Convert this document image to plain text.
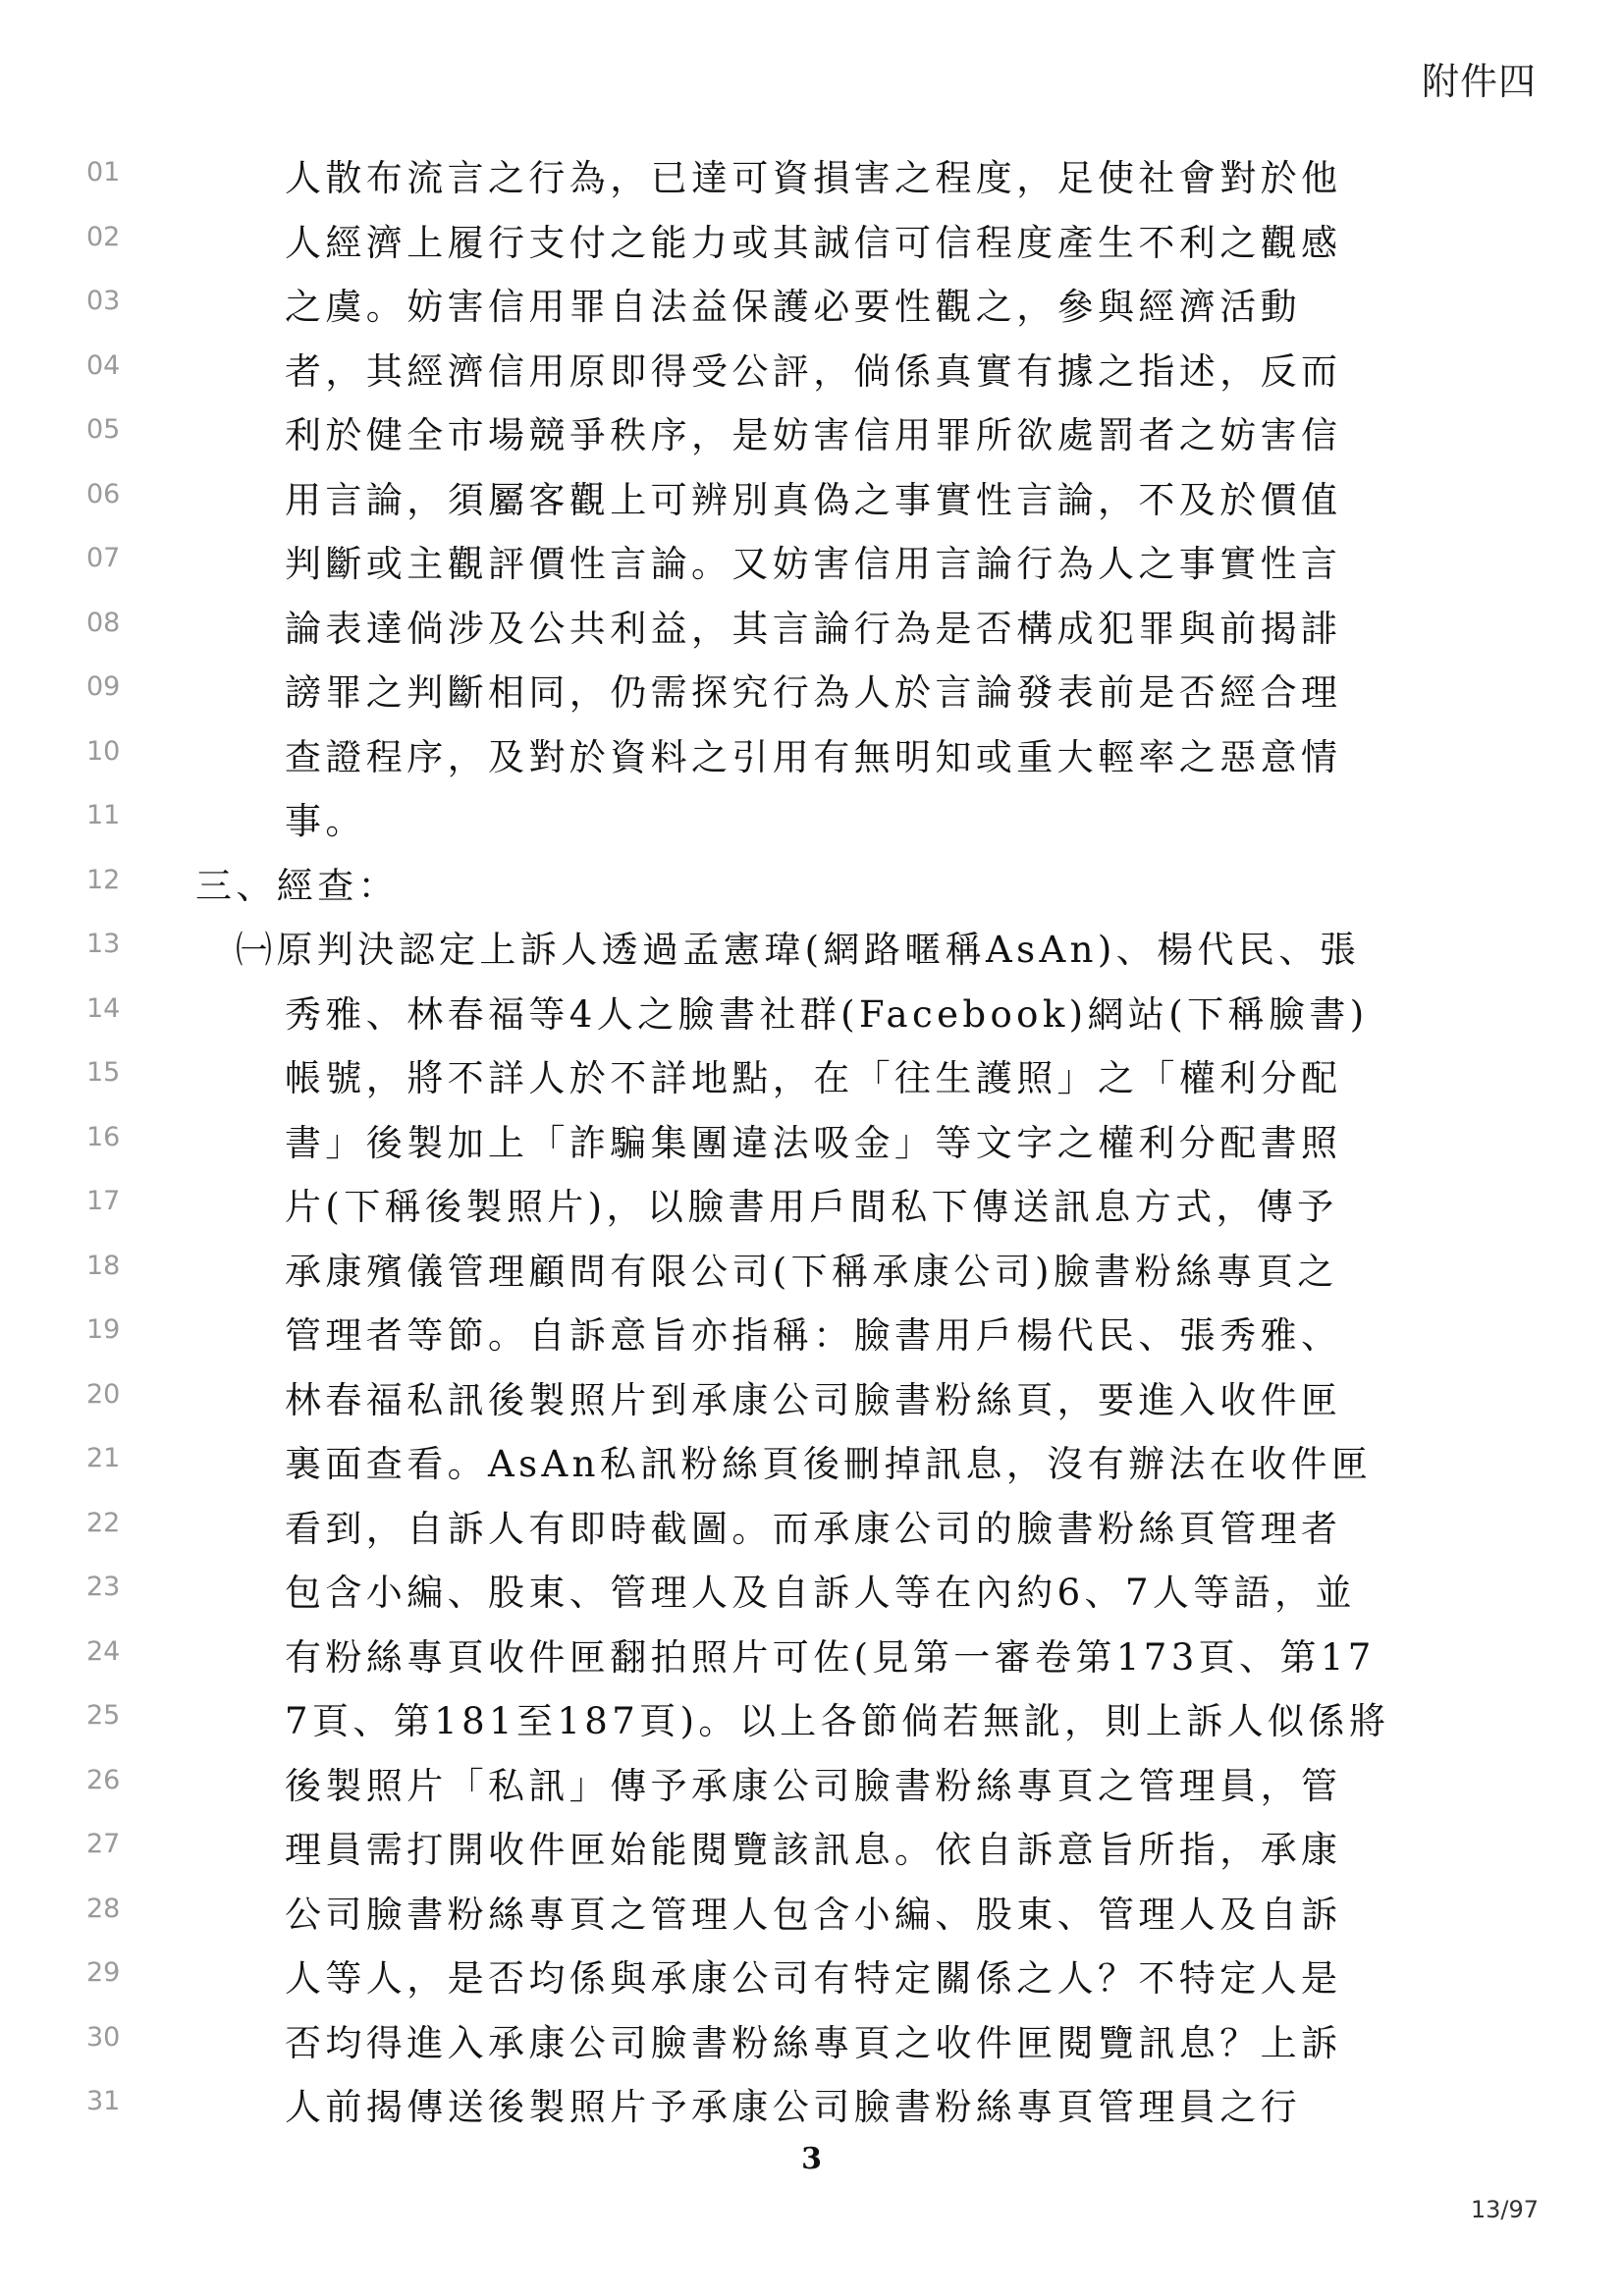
附件四
01	人散布流言之行為，已達可資損害之程度，足使社會對於他
02	人經濟上履行支付之能力或其誠信可信程度產生不利之觀感
03	之虞。妨害信用罪自法益保護必要性觀之，參與經濟活動
04	者，其經濟信用原即得受公評，倘係真實有據之指述，反而
05	利於健全市場競爭秩序，是妨害信用罪所欲處罰者之妨害信
06	用言論，須屬客觀上可辨別真偽之事實性言論，不及於價值
07	判斷或主觀評價性言論。又妨害信用言論行為人之事實性言
08	論表達倘涉及公共利益，其言論行為是否構成犯罪與前揭誹
09	謗罪之判斷相同，仍需探究行為人於言論發表前是否經合理
10	查證程序，及對於資料之引用有無明知或重大輕率之惡意情
11	事。
12	三、經查：
13	㈠原判決認定上訴人透過孟憲瑋(網路暱稱AsAn)、楊代民、張
14	秀雅、林春福等4人之臉書社群(Facebook)網站(下稱臉書)
15	帳號，將不詳人於不詳地點，在「往生護照」之「權利分配
16	書」後製加上「詐騙集團違法吸金」等文字之權利分配書照
17	片(下稱後製照片)，以臉書用戶間私下傳送訊息方式，傳予
18	承康殯儀管理顧問有限公司(下稱承康公司)臉書粉絲專頁之
19	管理者等節。自訴意旨亦指稱：臉書用戶楊代民、張秀雅、
20	林春福私訊後製照片到承康公司臉書粉絲頁，要進入收件匣
21	裏面查看。AsAn私訊粉絲頁後刪掉訊息，沒有辦法在收件匣
22	看到，自訴人有即時截圖。而承康公司的臉書粉絲頁管理者
23	包含小編、股東、管理人及自訴人等在內約6、7人等語，並
24	有粉絲專頁收件匣翻拍照片可佐(見第一審卷第173頁、第17
25	7頁、第181至187頁)。以上各節倘若無訛，則上訴人似係將
26	後製照片「私訊」傳予承康公司臉書粉絲專頁之管理員，管
27	理員需打開收件匣始能閱覽該訊息。依自訴意旨所指，承康
28	公司臉書粉絲專頁之管理人包含小編、股東、管理人及自訴
29	人等人，是否均係與承康公司有特定關係之人？不特定人是
30	否均得進入承康公司臉書粉絲專頁之收件匣閱覽訊息？上訴
31	人前揭傳送後製照片予承康公司臉書粉絲專頁管理員之行
3
13/97
